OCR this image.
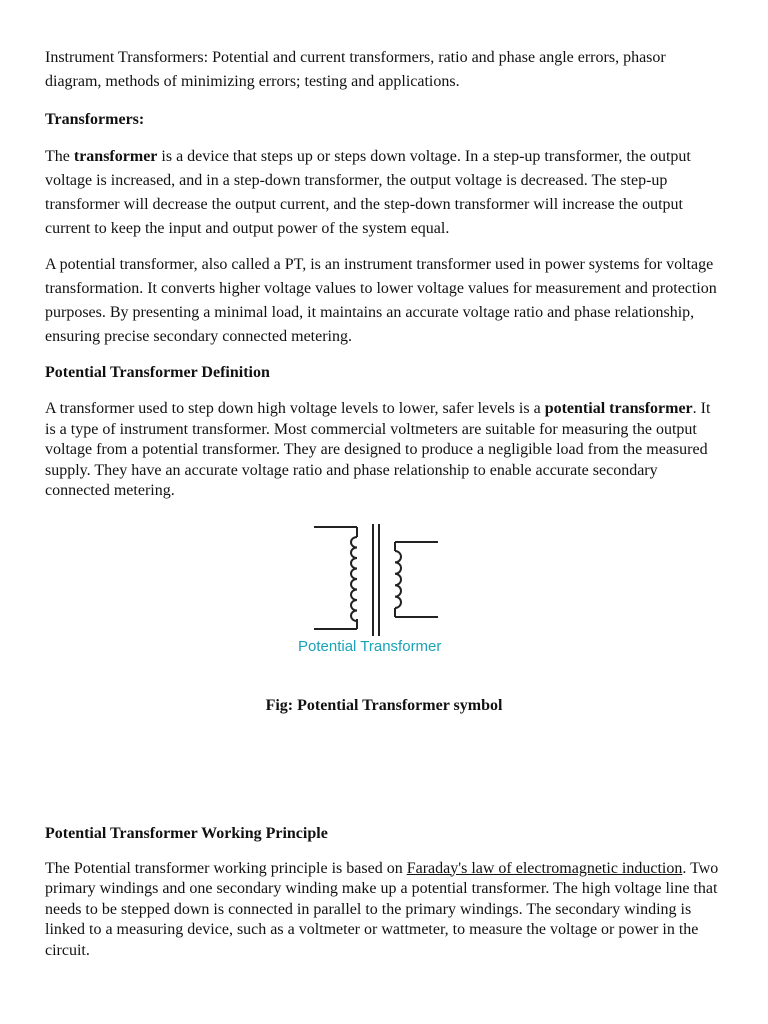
Instrument Transformers: Potential and current transformers, ratio and phase angle errors, phasor diagram, methods of minimizing errors; testing and applications.

Transformers:

The transformer is a device that steps up or steps down voltage. In a step-up transformer, the output voltage is increased, and in a step-down transformer, the output voltage is decreased. The step-up transformer will decrease the output current, and the step-down transformer will increase the output current to keep the input and output power of the system equal.

A potential transformer, also called a PT, is an instrument transformer used in power systems for voltage transformation. It converts higher voltage values to lower voltage values for measurement and protection purposes. By presenting a minimal load, it maintains an accurate voltage ratio and phase relationship, ensuring precise secondary connected metering.

Potential Transformer Definition

A transformer used to step down high voltage levels to lower, safer levels is a potential transformer. It is a type of instrument transformer. Most commercial voltmeters are suitable for measuring the output voltage from a potential transformer. They are designed to produce a negligible load from the measured supply. They have an accurate voltage ratio and phase relationship to enable accurate secondary connected metering.

Potential Transformer

Fig: Potential Transformer symbol

Potential Transformer Working Principle

The Potential transformer working principle is based on Faraday's law of electromagnetic induction. Two primary windings and one secondary winding make up a potential transformer. The high voltage line that needs to be stepped down is connected in parallel to the primary windings. The secondary winding is linked to a measuring device, such as a voltmeter or wattmeter, to measure the voltage or power in the circuit.
